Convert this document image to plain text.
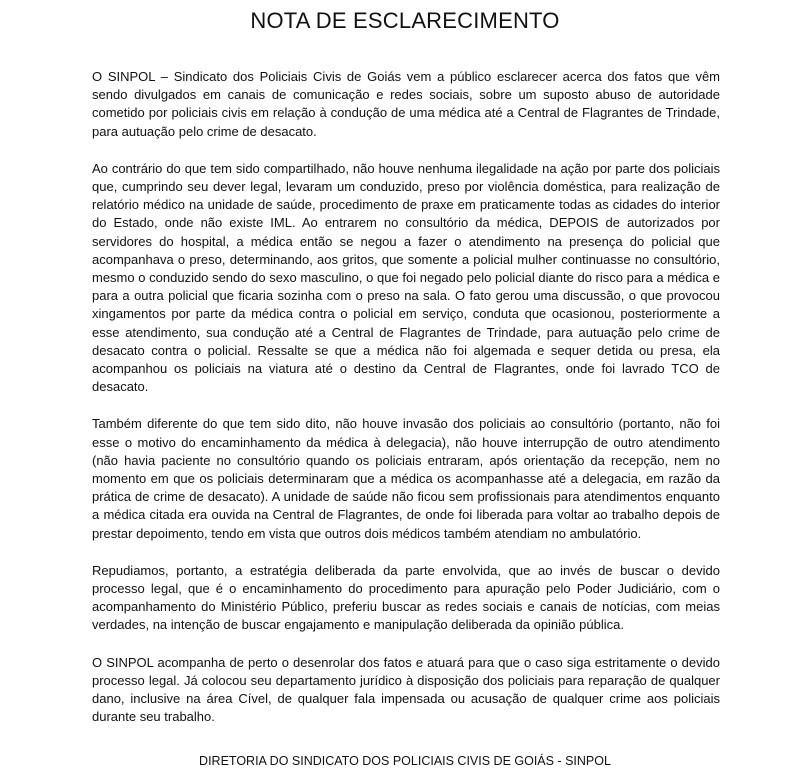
NOTA DE ESCLARECIMENTO

O SINPOL – Sindicato dos Policiais Civis de Goiás vem a público esclarecer acerca dos fatos que vêm sendo divulgados em canais de comunicação e redes sociais, sobre um suposto abuso de autoridade cometido por policiais civis em relação à condução de uma médica até a Central de Flagrantes de Trindade, para autuação pelo crime de desacato.

Ao contrário do que tem sido compartilhado, não houve nenhuma ilegalidade na ação por parte dos policiais que, cumprindo seu dever legal, levaram um conduzido, preso por violência doméstica, para realização de relatório médico na unidade de saúde, procedimento de praxe em praticamente todas as cidades do interior do Estado, onde não existe IML. Ao entrarem no consultório da médica, DEPOIS de autorizados por servidores do hospital, a médica então se negou a fazer o atendimento na presença do policial que acompanhava o preso, determinando, aos gritos, que somente a policial mulher continuasse no consultório, mesmo o conduzido sendo do sexo masculino, o que foi negado pelo policial diante do risco para a médica e para a outra policial que ficaria sozinha com o preso na sala. O fato gerou uma discussão, o que provocou xingamentos por parte da médica contra o policial em serviço, conduta que ocasionou, posteriormente a esse atendimento, sua condução até a Central de Flagrantes de Trindade, para autuação pelo crime de desacato contra o policial. Ressalte se que a médica não foi algemada e sequer detida ou presa, ela acompanhou os policiais na viatura até o destino da Central de Flagrantes, onde foi lavrado TCO de desacato.

Também diferente do que tem sido dito, não houve invasão dos policiais ao consultório (portanto, não foi esse o motivo do encaminhamento da médica à delegacia), não houve interrupção de outro atendimento (não havia paciente no consultório quando os policiais entraram, após orientação da recepção, nem no momento em que os policiais determinaram que a médica os acompanhasse até a delegacia, em razão da prática de crime de desacato). A unidade de saúde não ficou sem profissionais para atendimentos enquanto a médica citada era ouvida na Central de Flagrantes, de onde foi liberada para voltar ao trabalho depois de prestar depoimento, tendo em vista que outros dois médicos também atendiam no ambulatório.

Repudiamos, portanto, a estratégia deliberada da parte envolvida, que ao invés de buscar o devido processo legal, que é o encaminhamento do procedimento para apuração pelo Poder Judiciário, com o acompanhamento do Ministério Público, preferiu buscar as redes sociais e canais de notícias, com meias verdades, na intenção de buscar engajamento e manipulação deliberada da opinião pública.

O SINPOL acompanha de perto o desenrolar dos fatos e atuará para que o caso siga estritamente o devido processo legal. Já colocou seu departamento jurídico à disposição dos policiais para reparação de qualquer dano, inclusive na área Cível, de qualquer fala impensada ou acusação de qualquer crime aos policiais durante seu trabalho.

DIRETORIA DO SINDICATO DOS POLICIAIS CIVIS DE GOIÁS - SINPOL
